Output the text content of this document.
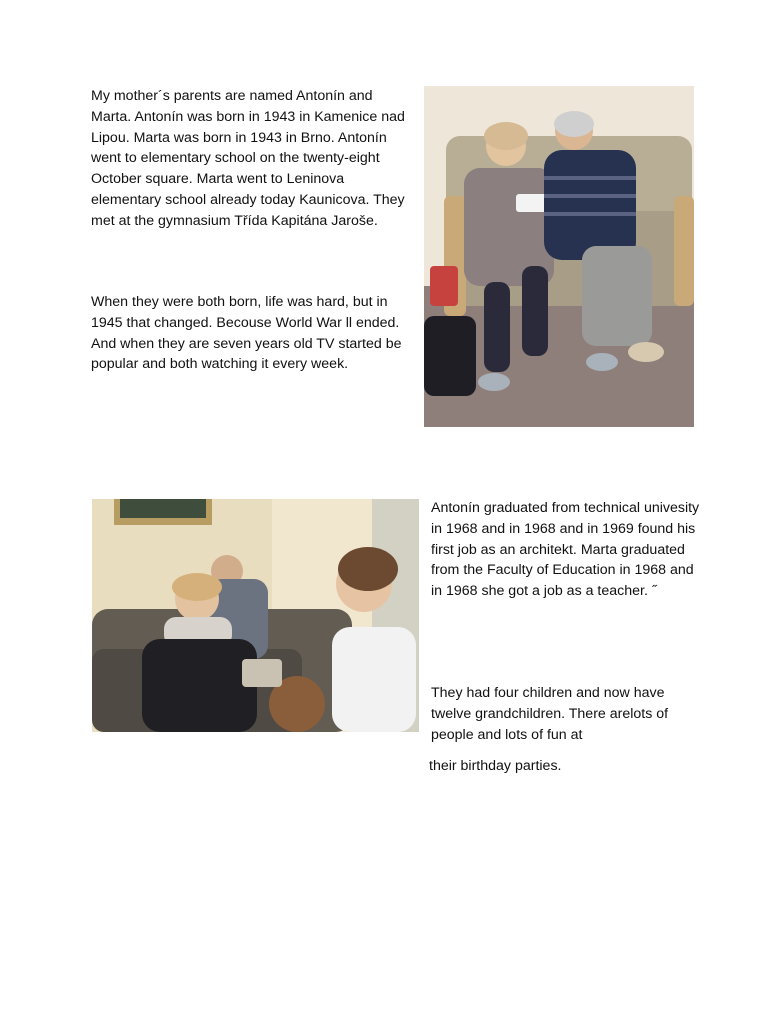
My mother´s parents are named Antonín and Marta. Antonín was born in 1943 in Kamenice nad Lipou. Marta was born in 1943 in Brno. Antonín went to elementary school on the twenty-eight October square. Marta went to Leninova elementary school already today Kaunicova. They met at the gymnasium Třída Kapitána Jaroše.

When they were both born, life was hard, but in 1945 that changed. Becouse World War ll ended. And when they are seven years old TV started be popular and both watching it every week.

Antonín graduated from technical univesity in 1968 and in 1968 and in 1969 found his first job as an architekt. Marta graduated from the Faculty of Education in 1968 and in 1968 she got a job as a teacher. ˝

They had four children and now have twelve grandchildren. There arelots of people and lots of fun at

their birthday parties.
